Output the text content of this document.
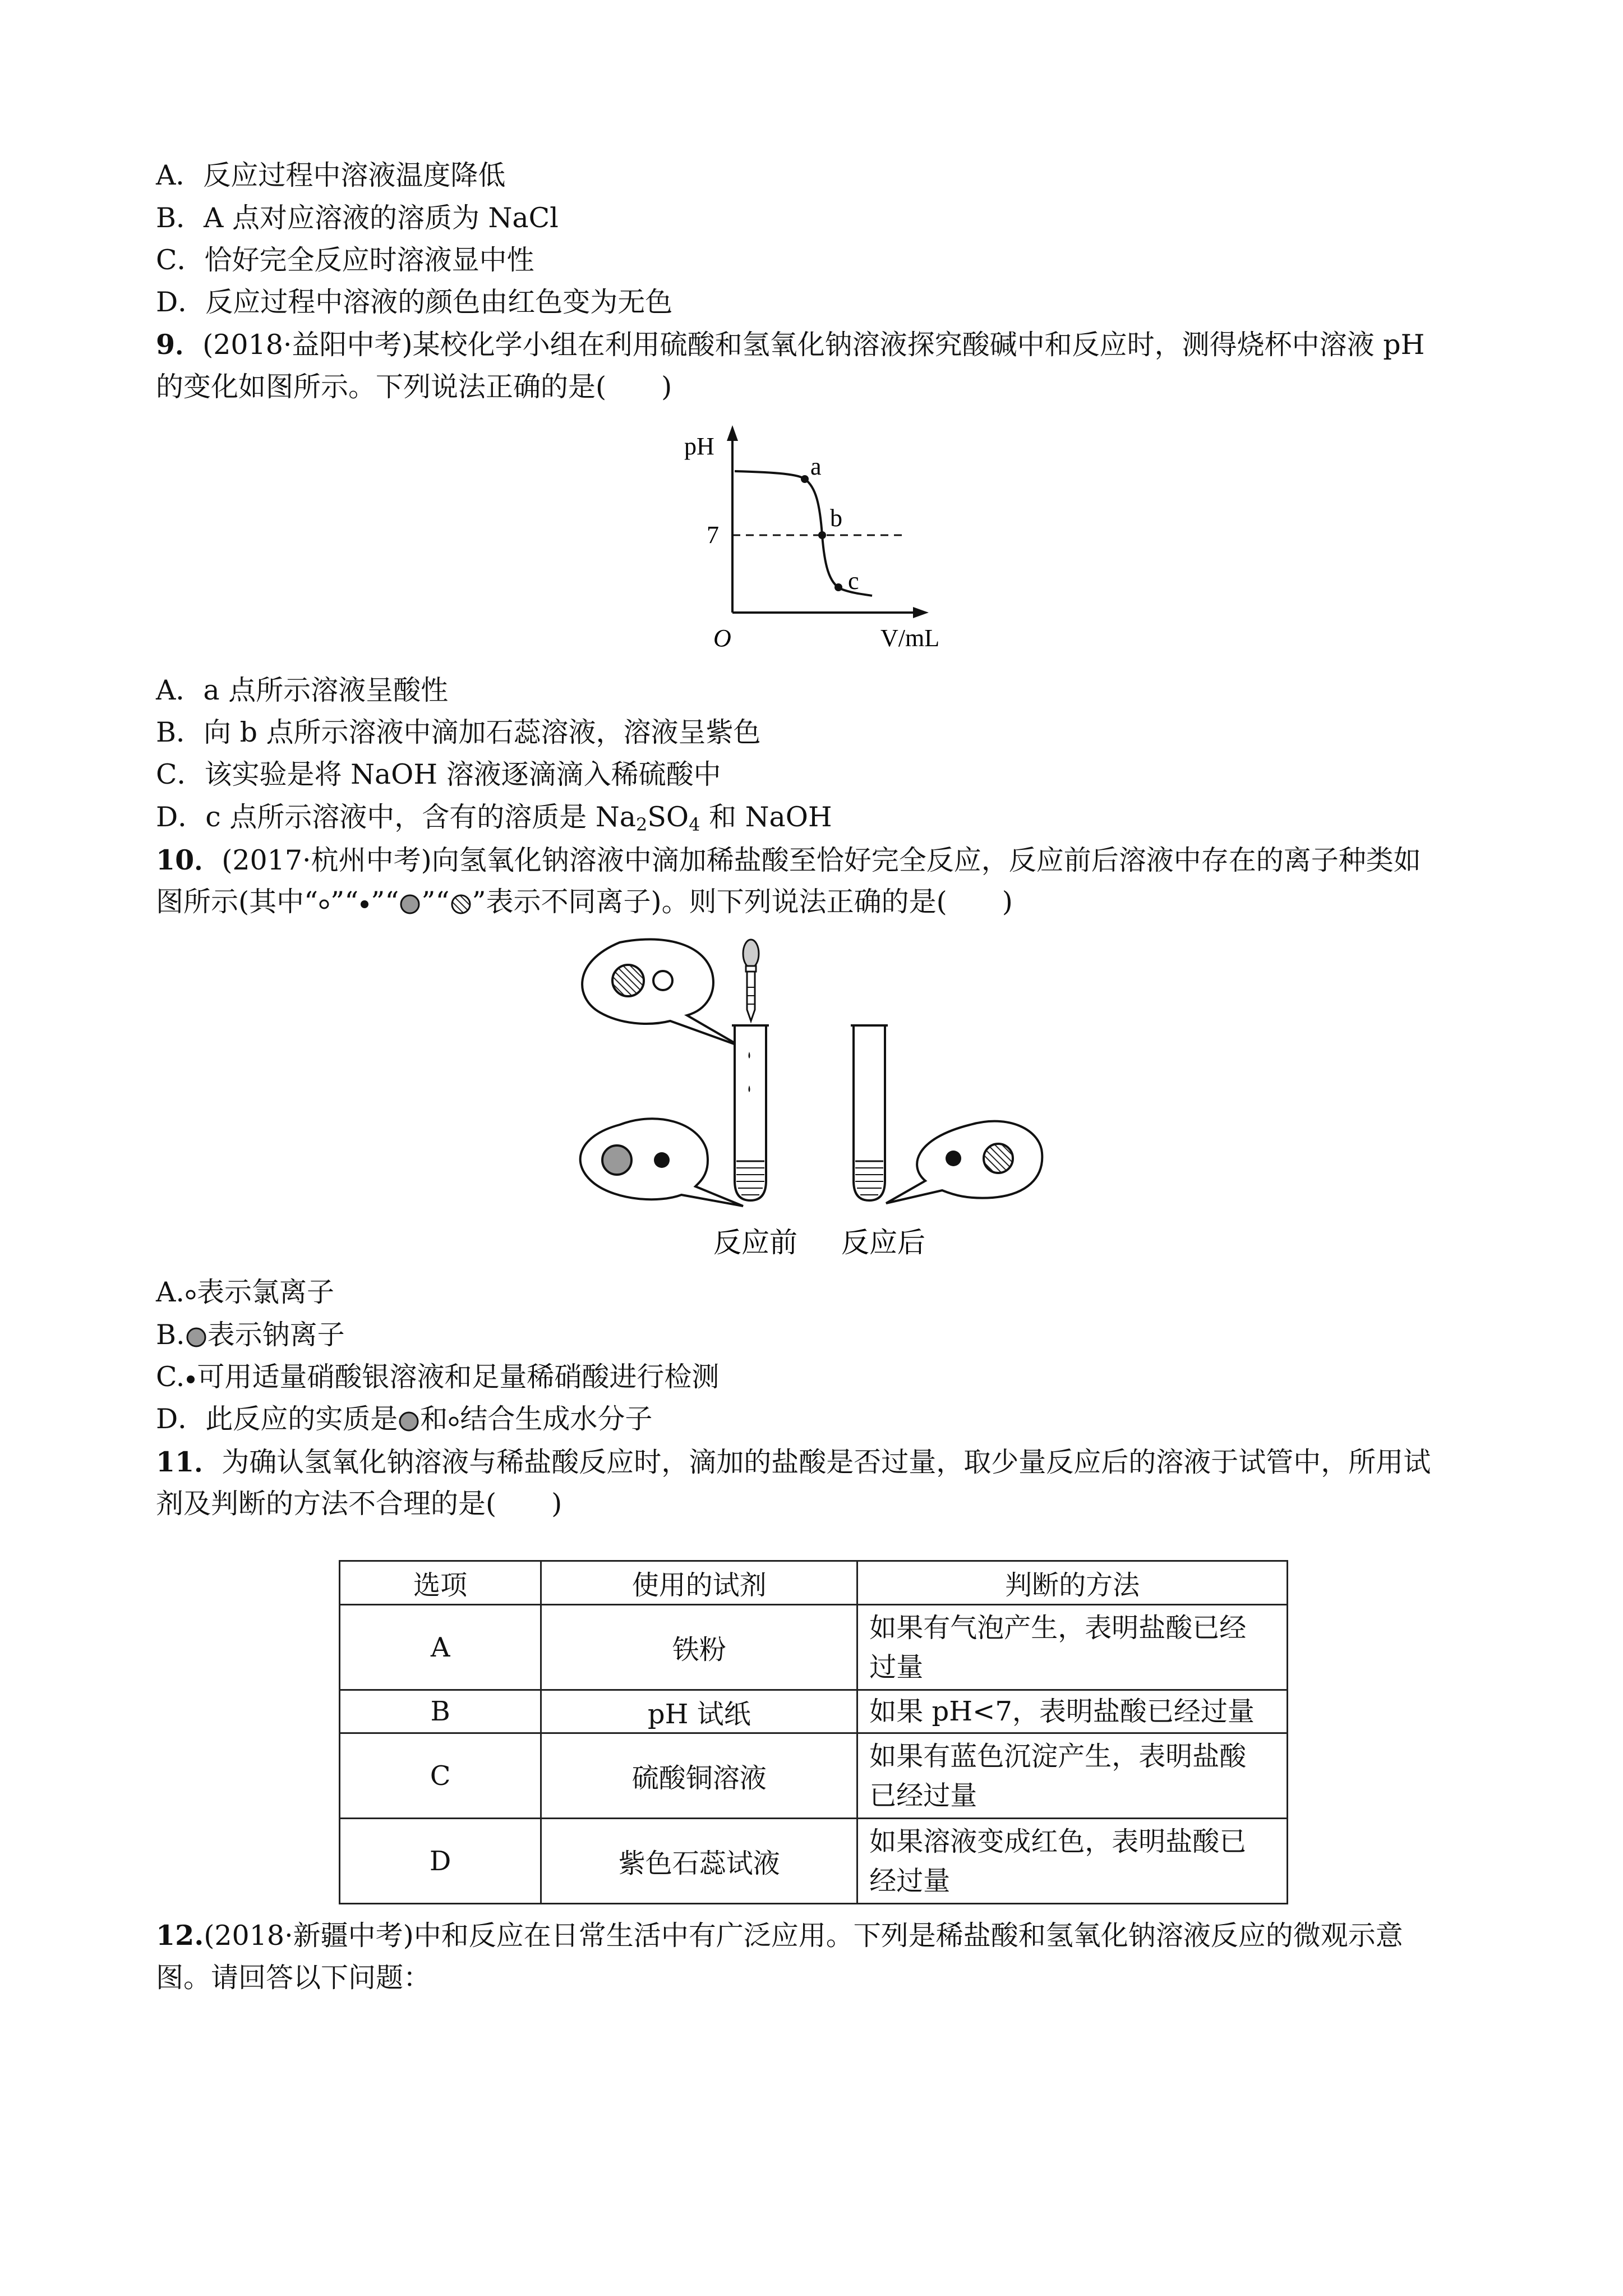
A．反应过程中溶液温度降低
B．A 点对应溶液的溶质为 NaCl
C．恰好完全反应时溶液显中性
D．反应过程中溶液的颜色由红色变为无色
9．(2018·益阳中考)某校化学小组在利用硫酸和氢氧化钠溶液探究酸碱中和反应时，测得烧杯中溶液 pH
的变化如图所示。下列说法正确的是(　　)
pH
7
O	V/mL
a
b
c
A．a 点所示溶液呈酸性
B．向 b 点所示溶液中滴加石蕊溶液，溶液呈紫色
C．该实验是将 NaOH 溶液逐滴滴入稀硫酸中
D．c 点所示溶液中，含有的溶质是 $Na_2SO_4$ 和 NaOH
10．(2017·杭州中考)向氢氧化钠溶液中滴加稀盐酸至恰好完全反应，反应前后溶液中存在的离子种类如
图所示(其中“ ”“ ”“ ”“ ”表示不同离子)。则下列说法正确的是(　　)
反应前 反应后
A. 表示氯离子
B. 表示钠离子
C. 可用适量硝酸银溶液和足量稀硝酸进行检测
D．此反应的实质是 和 结合生成水分子
11．为确认氢氧化钠溶液与稀盐酸反应时，滴加的盐酸是否过量，取少量反应后的溶液于试管中，所用试
剂及判断的方法不合理的是(　　)
选项	使用的试剂	判断的方法
A	铁粉	如果有气泡产生，表明盐酸已经
过量

B	pH 试纸	如果 pH<7，表明盐酸已经过量

C	硫酸铜溶液	如果有蓝色沉淀产生，表明盐酸
已经过量

D	紫色石蕊试液	如果溶液变成红色，表明盐酸已
经过量
12.(2018·新疆中考)中和反应在日常生活中有广泛应用。下列是稀盐酸和氢氧化钠溶液反应的微观示意
图。请回答以下问题：
